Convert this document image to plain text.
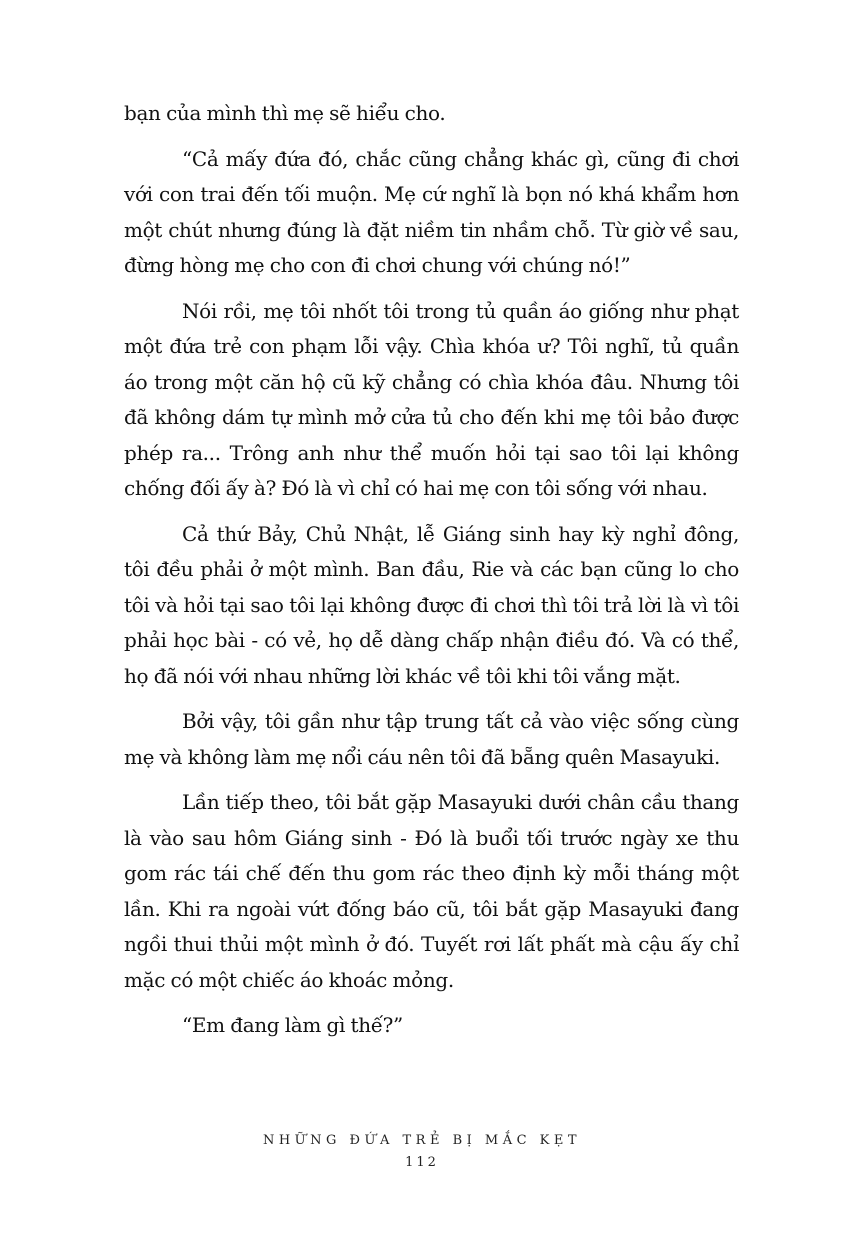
bạn của mình thì mẹ sẽ hiểu cho.

“Cả mấy đứa đó, chắc cũng chẳng khác gì, cũng đi chơi với con trai đến tối muộn. Mẹ cứ nghĩ là bọn nó khá khẩm hơn một chút nhưng đúng là đặt niềm tin nhầm chỗ. Từ giờ về sau, đừng hòng mẹ cho con đi chơi chung với chúng nó!”

Nói rồi, mẹ tôi nhốt tôi trong tủ quần áo giống như phạt một đứa trẻ con phạm lỗi vậy. Chìa khóa ư? Tôi nghĩ, tủ quần áo trong một căn hộ cũ kỹ chẳng có chìa khóa đâu. Nhưng tôi đã không dám tự mình mở cửa tủ cho đến khi mẹ tôi bảo được phép ra... Trông anh như thể muốn hỏi tại sao tôi lại không chống đối ấy à? Đó là vì chỉ có hai mẹ con tôi sống với nhau.

Cả thứ Bảy, Chủ Nhật, lễ Giáng sinh hay kỳ nghỉ đông, tôi đều phải ở một mình. Ban đầu, Rie và các bạn cũng lo cho tôi và hỏi tại sao tôi lại không được đi chơi thì tôi trả lời là vì tôi phải học bài - có vẻ, họ dễ dàng chấp nhận điều đó. Và có thể, họ đã nói với nhau những lời khác về tôi khi tôi vắng mặt.

Bởi vậy, tôi gần như tập trung tất cả vào việc sống cùng mẹ và không làm mẹ nổi cáu nên tôi đã bẵng quên Masayuki.

Lần tiếp theo, tôi bắt gặp Masayuki dưới chân cầu thang là vào sau hôm Giáng sinh - Đó là buổi tối trước ngày xe thu gom rác tái chế đến thu gom rác theo định kỳ mỗi tháng một lần. Khi ra ngoài vứt đống báo cũ, tôi bắt gặp Masayuki đang ngồi thui thủi một mình ở đó. Tuyết rơi lất phất mà cậu ấy chỉ mặc có một chiếc áo khoác mỏng.

“Em đang làm gì thế?”

NHỮNG ĐỨA TRẺ BỊ MẮC KẸT
112
